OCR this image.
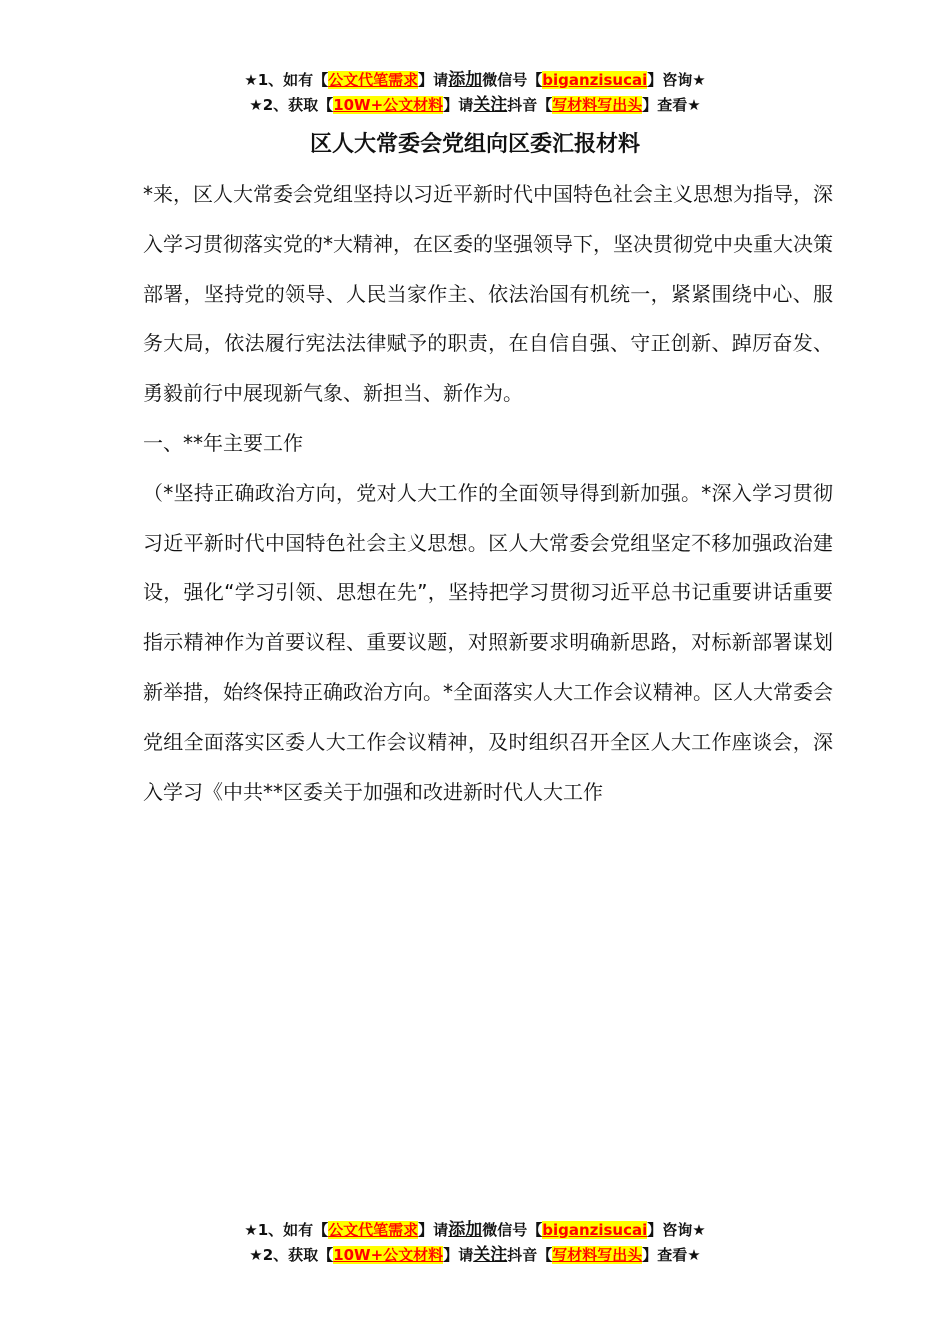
★1、如有【公文代笔需求】请添加微信号【biganzisucai】咨询★
★2、获取【10W+公文材料】请关注抖音【写材料写出头】查看★
区人大常委会党组向区委汇报材料

*来，区人大常委会党组坚持以习近平新时代中国特色社会主义思想为指导，深入学习贯彻落实党的*大精神，在区委的坚强领导下，坚决贯彻党中央重大决策部署，坚持党的领导、人民当家作主、依法治国有机统一，紧紧围绕中心、服务大局，依法履行宪法法律赋予的职责，在自信自强、守正创新、踔厉奋发、勇毅前行中展现新气象、新担当、新作为。

一、**年主要工作

（*坚持正确政治方向，党对人大工作的全面领导得到新加强。*深入学习贯彻习近平新时代中国特色社会主义思想。区人大常委会党组坚定不移加强政治建设，强化“学习引领、思想在先”，坚持把学习贯彻习近平总书记重要讲话重要指示精神作为首要议程、重要议题，对照新要求明确新思路，对标新部署谋划新举措，始终保持正确政治方向。*全面落实人大工作会议精神。区人大常委会党组全面落实区委人大工作会议精神，及时组织召开全区人大工作座谈会，深入学习《中共**区委关于加强和改进新时代人大工作

★1、如有【公文代笔需求】请添加微信号【biganzisucai】咨询★
★2、获取【10W+公文材料】请关注抖音【写材料写出头】查看★
